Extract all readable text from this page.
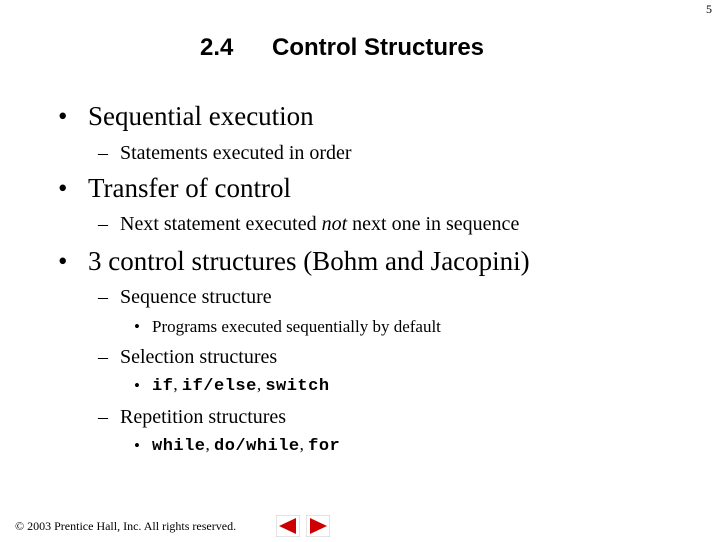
5
2.4 Control Structures
• Sequential execution
– Statements executed in order
• Transfer of control
– Next statement executed not next one in sequence
• 3 control structures (Bohm and Jacopini)
– Sequence structure
• Programs executed sequentially by default
– Selection structures
• if, if/else, switch
– Repetition structures
• while, do/while, for
© 2003 Prentice Hall, Inc. All rights reserved.
